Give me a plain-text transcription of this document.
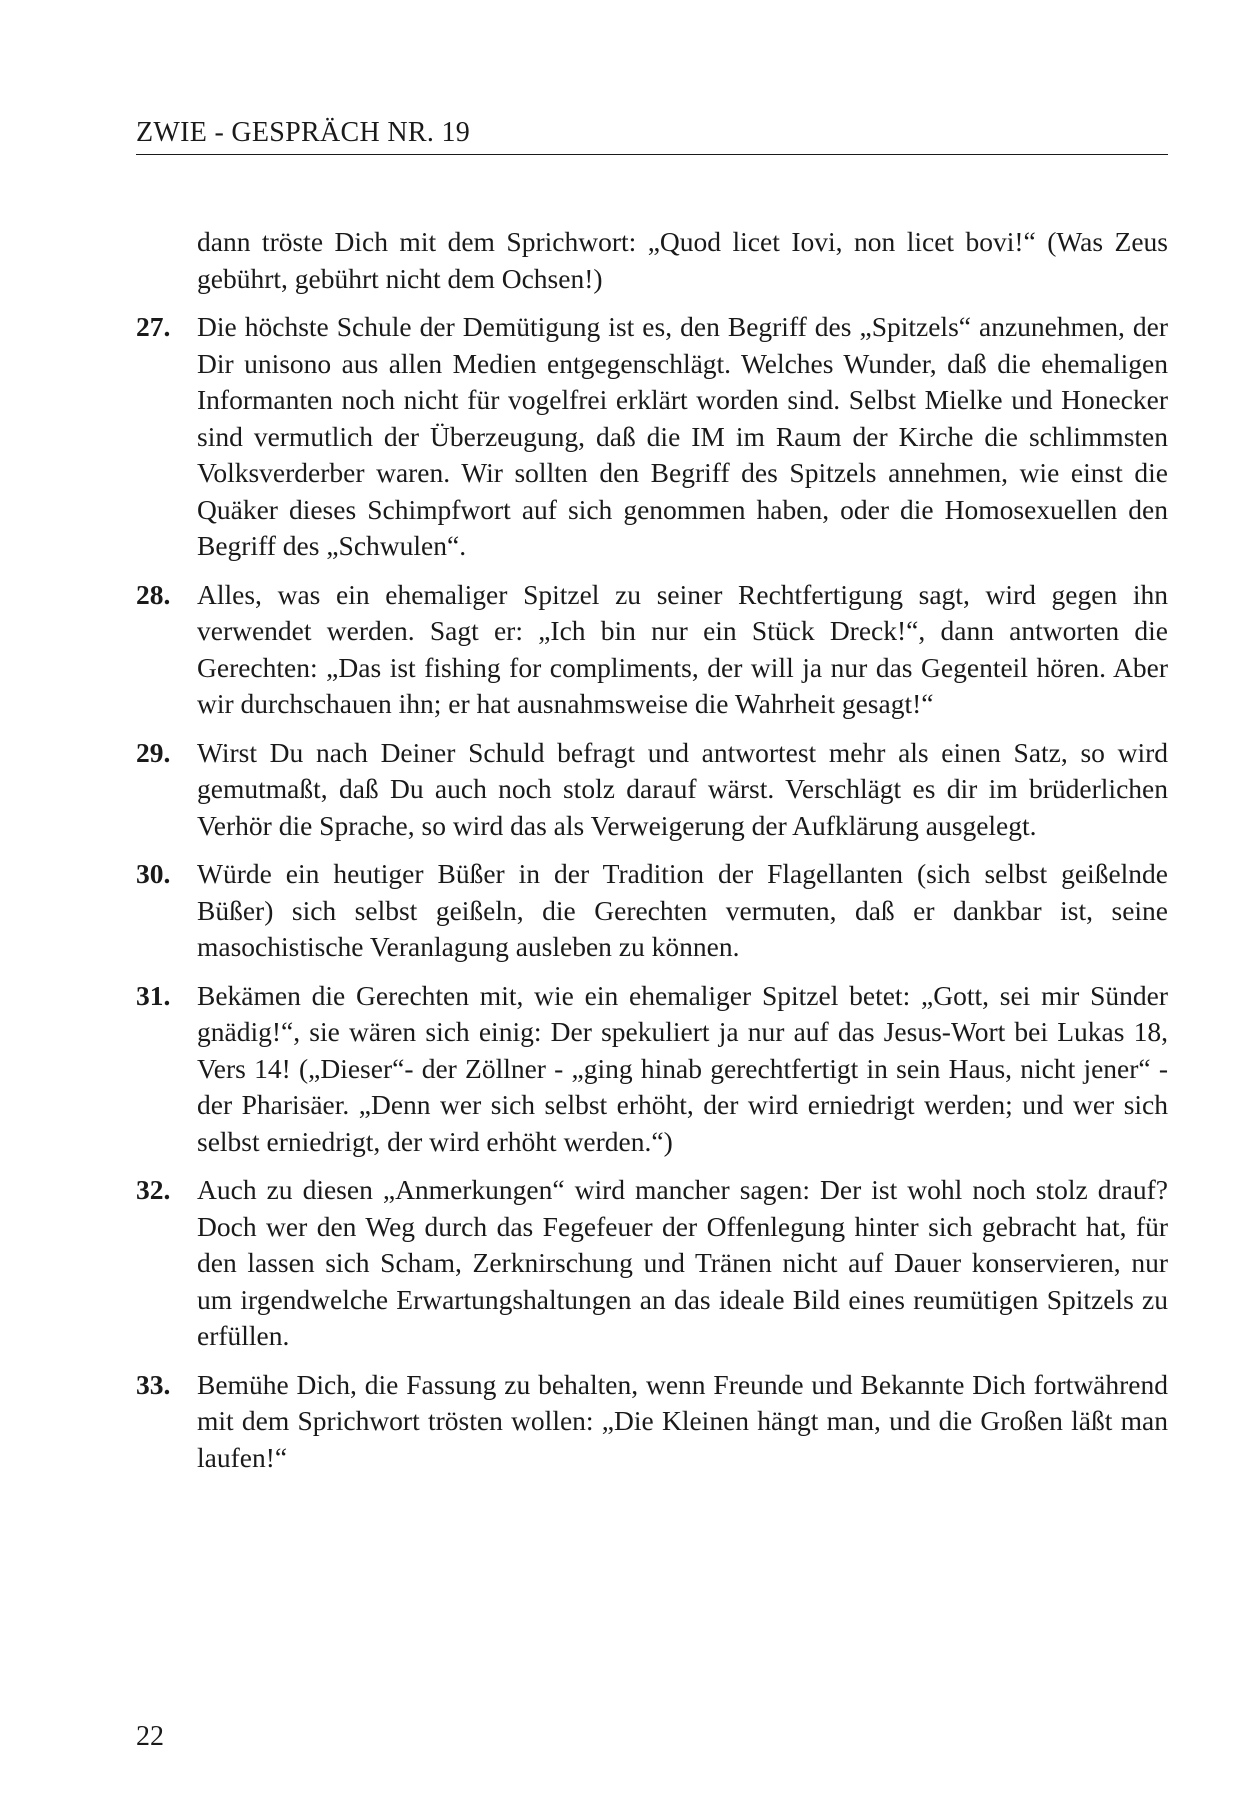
ZWIE - GESPRÄCH NR. 19
dann tröste Dich mit dem Sprichwort: „Quod licet Iovi, non licet bovi!“ (Was Zeus gebührt, gebührt nicht dem Ochsen!)
27. Die höchste Schule der Demütigung ist es, den Begriff des „Spitzels“ anzunehmen, der Dir unisono aus allen Medien entgegenschlägt. Welches Wunder, daß die ehemaligen Informanten noch nicht für vogelfrei erklärt worden sind. Selbst Mielke und Honecker sind vermutlich der Überzeugung, daß die IM im Raum der Kirche die schlimmsten Volksverderber waren. Wir sollten den Begriff des Spitzels annehmen, wie einst die Quäker dieses Schimpfwort auf sich genommen haben, oder die Homosexuellen den Begriff des „Schwulen“.
28. Alles, was ein ehemaliger Spitzel zu seiner Rechtfertigung sagt, wird gegen ihn verwendet werden. Sagt er: „Ich bin nur ein Stück Dreck!“, dann antworten die Gerechten: „Das ist fishing for compliments, der will ja nur das Gegenteil hören. Aber wir durchschauen ihn; er hat ausnahmsweise die Wahrheit gesagt!“
29. Wirst Du nach Deiner Schuld befragt und antwortest mehr als einen Satz, so wird gemutmaßt, daß Du auch noch stolz darauf wärst. Verschlägt es dir im brüderlichen Verhör die Sprache, so wird das als Verweigerung der Aufklärung ausgelegt.
30. Würde ein heutiger Büßer in der Tradition der Flagellanten (sich selbst geißelnde Büßer) sich selbst geißeln, die Gerechten vermuten, daß er dankbar ist, seine masochistische Veranlagung ausleben zu können.
31. Bekämen die Gerechten mit, wie ein ehemaliger Spitzel betet: „Gott, sei mir Sünder gnädig!“, sie wären sich einig: Der spekuliert ja nur auf das Jesus-Wort bei Lukas 18, Vers 14! („Dieser“- der Zöllner - „ging hinab gerechtfertigt in sein Haus, nicht jener“ - der Pharisäer. „Denn wer sich selbst erhöht, der wird erniedrigt werden; und wer sich selbst erniedrigt, der wird erhöht werden.“)
32. Auch zu diesen „Anmerkungen“ wird mancher sagen: Der ist wohl noch stolz drauf? Doch wer den Weg durch das Fegefeuer der Offenlegung hinter sich gebracht hat, für den lassen sich Scham, Zerknirschung und Tränen nicht auf Dauer konservieren, nur um irgendwelche Erwartungshaltungen an das ideale Bild eines reumütigen Spitzels zu erfüllen.
33. Bemühe Dich, die Fassung zu behalten, wenn Freunde und Bekannte Dich fortwährend mit dem Sprichwort trösten wollen: „Die Kleinen hängt man, und die Großen läßt man laufen!“
22
